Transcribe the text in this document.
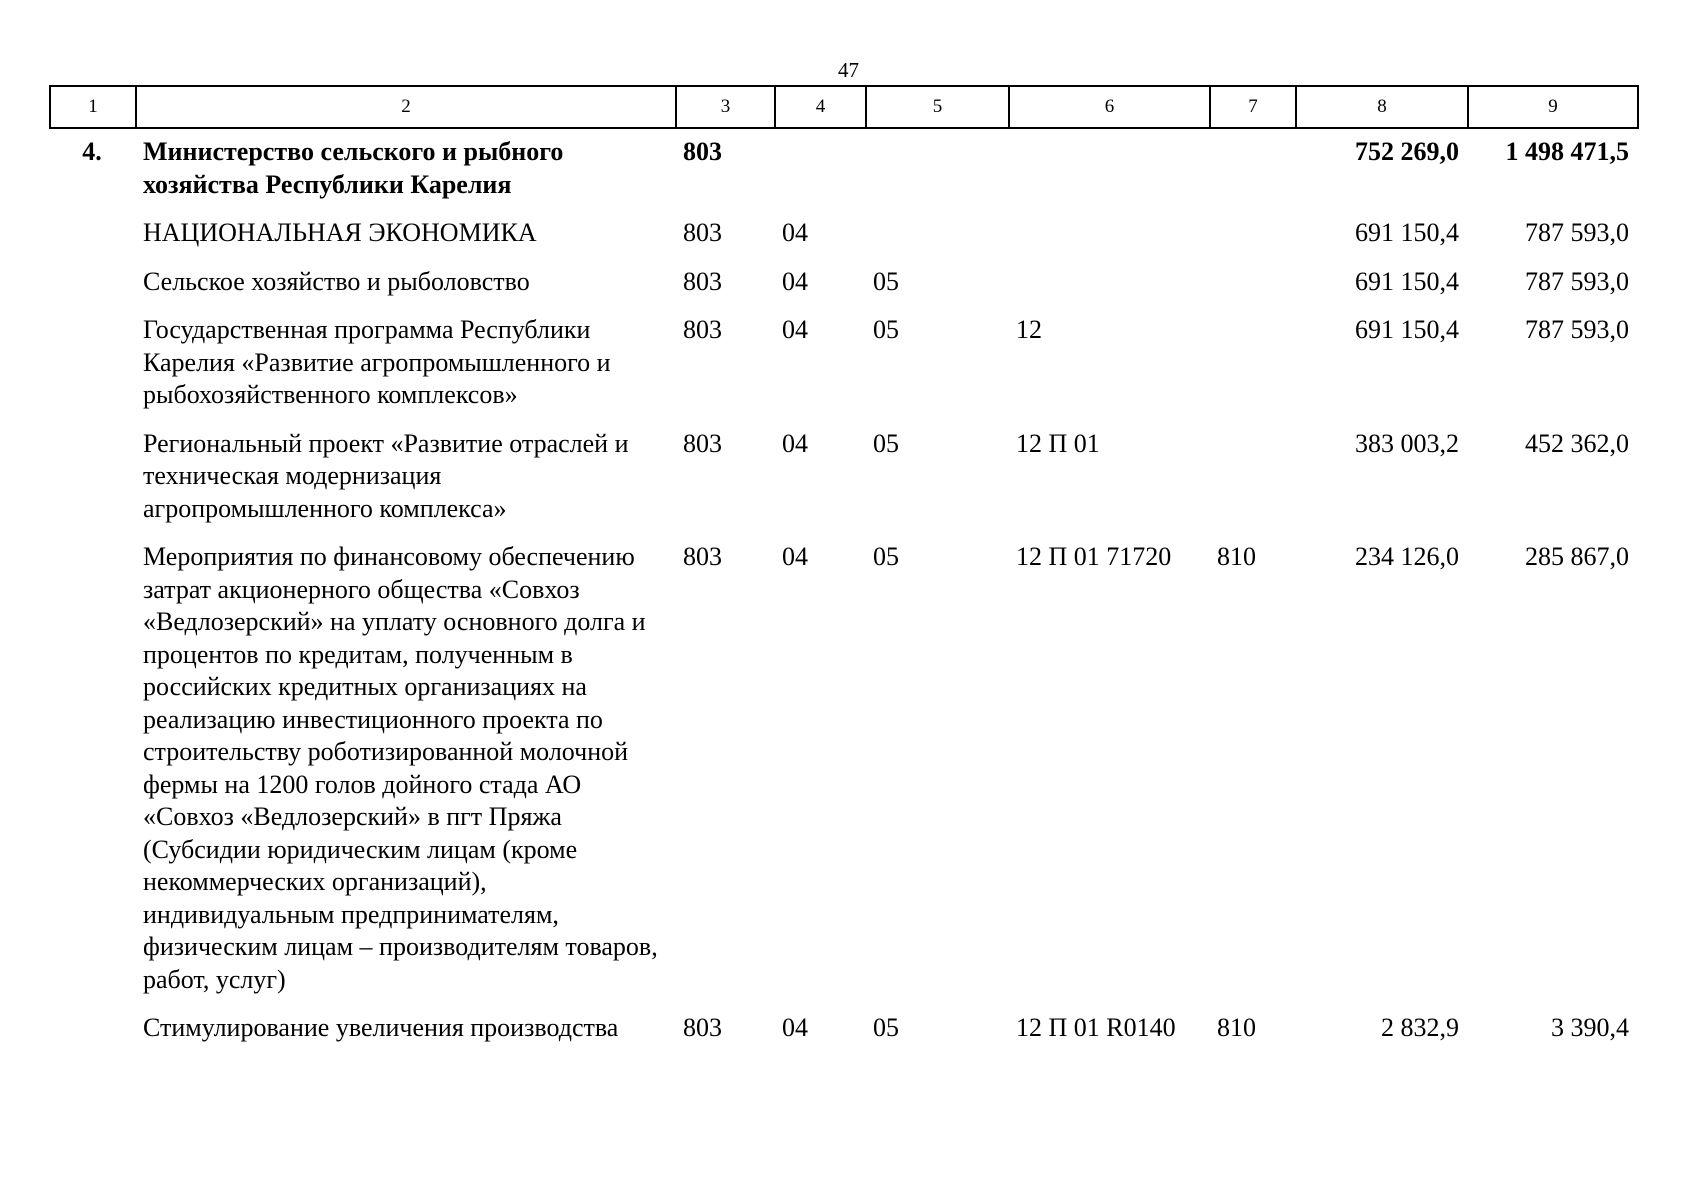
47
1	2	3	4	5	6	7	8	9
4.	Министерство сельского и рыбного хозяйства Республики Карелия	803					752 269,0	1 498 471,5
	НАЦИОНАЛЬНАЯ ЭКОНОМИКА	803	04				691 150,4	787 593,0
	Сельское хозяйство и рыболовство	803	04	05			691 150,4	787 593,0
	Государственная программа Республики Карелия «Развитие агропромышленного и рыбохозяйственного комплексов»	803	04	05	12		691 150,4	787 593,0
	Региональный проект «Развитие отраслей и техническая модернизация агропромышленного комплекса»	803	04	05	12 П 01		383 003,2	452 362,0
	Мероприятия по финансовому обеспечению затрат акционерного общества «Совхоз «Ведлозерский» на уплату основного долга и процентов по кредитам, полученным в российских кредитных организациях на реализацию инвестиционного проекта по строительству роботизированной молочной фермы на 1200 голов дойного стада АО «Совхоз «Ведлозерский» в пгт Пряжа (Субсидии юридическим лицам (кроме некоммерческих организаций), индивидуальным предпринимателям, физическим лицам – производителям товаров, работ, услуг)	803	04	05	12 П 01 71720	810	234 126,0	285 867,0
	Стимулирование увеличения производства	803	04	05	12 П 01 R0140	810	2 832,9	3 390,4
